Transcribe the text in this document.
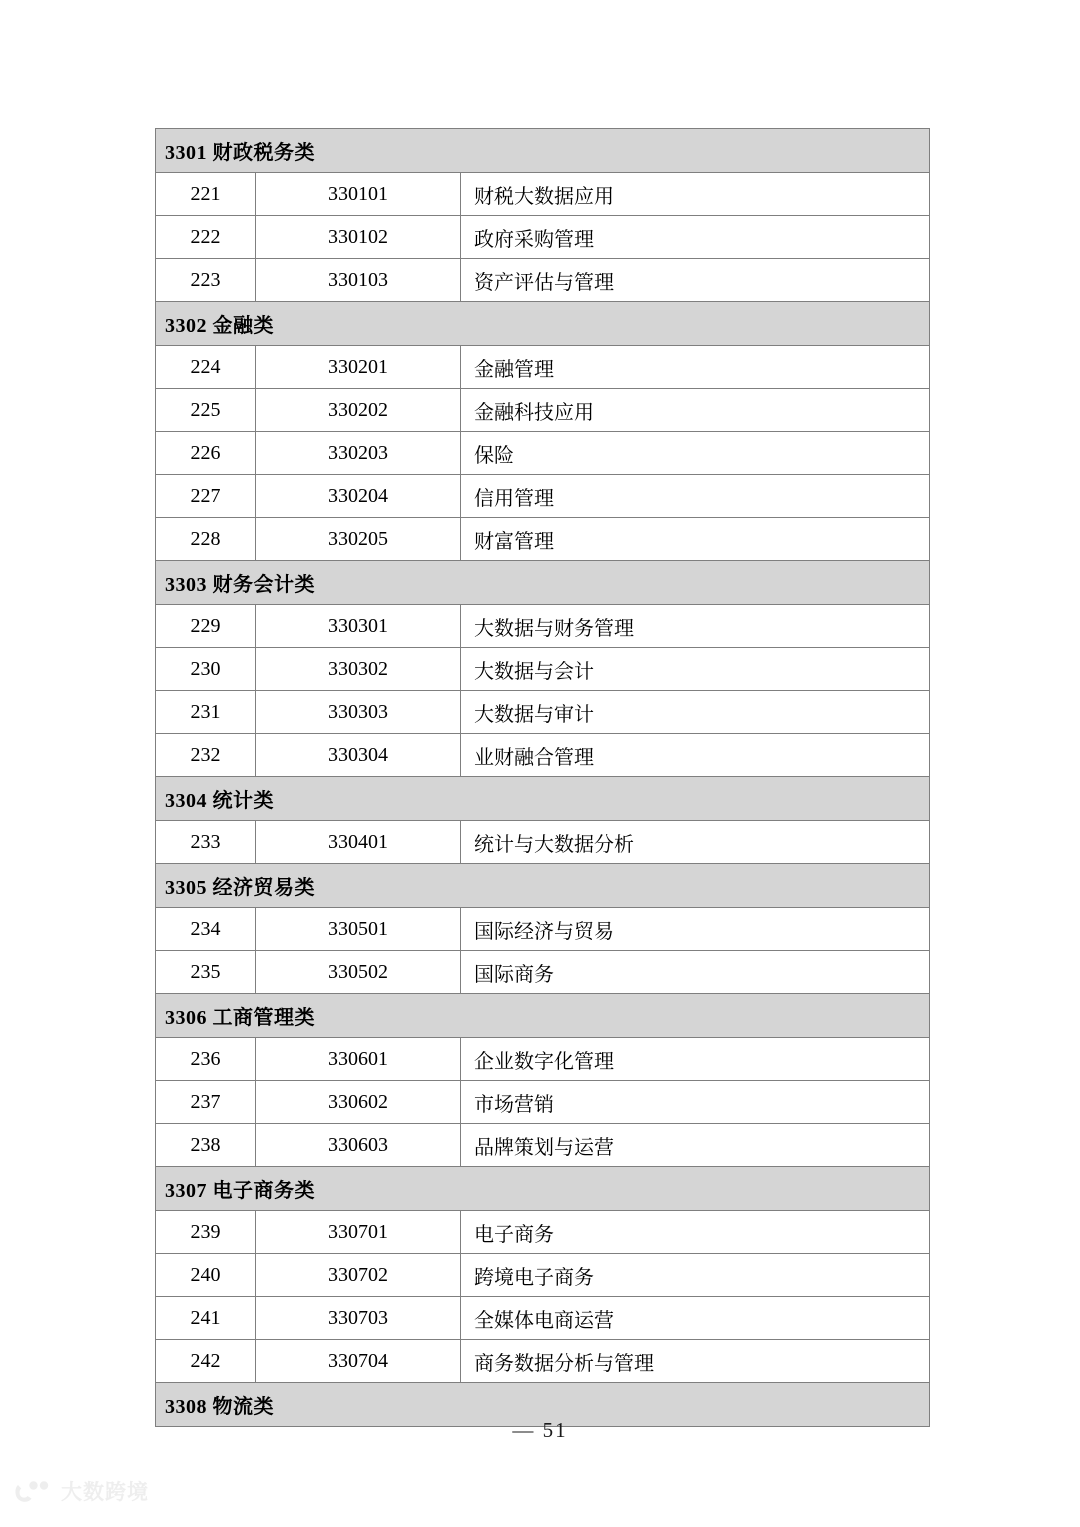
3301 财政税务类		
221	330101	财税大数据应用
222	330102	政府采购管理
223	330103	资产评估与管理
3302 金融类		
224	330201	金融管理
225	330202	金融科技应用
226	330203	保险
227	330204	信用管理
228	330205	财富管理
3303 财务会计类		
229	330301	大数据与财务管理
230	330302	大数据与会计
231	330303	大数据与审计
232	330304	业财融合管理
3304 统计类		
233	330401	统计与大数据分析
3305 经济贸易类		
234	330501	国际经济与贸易
235	330502	国际商务
3306 工商管理类		
236	330601	企业数字化管理
237	330602	市场营销
238	330603	品牌策划与运营
3307 电子商务类		
239	330701	电子商务
240	330702	跨境电子商务
241	330703	全媒体电商运营
242	330704	商务数据分析与管理
3308 物流类		
— 51
大数跨境
